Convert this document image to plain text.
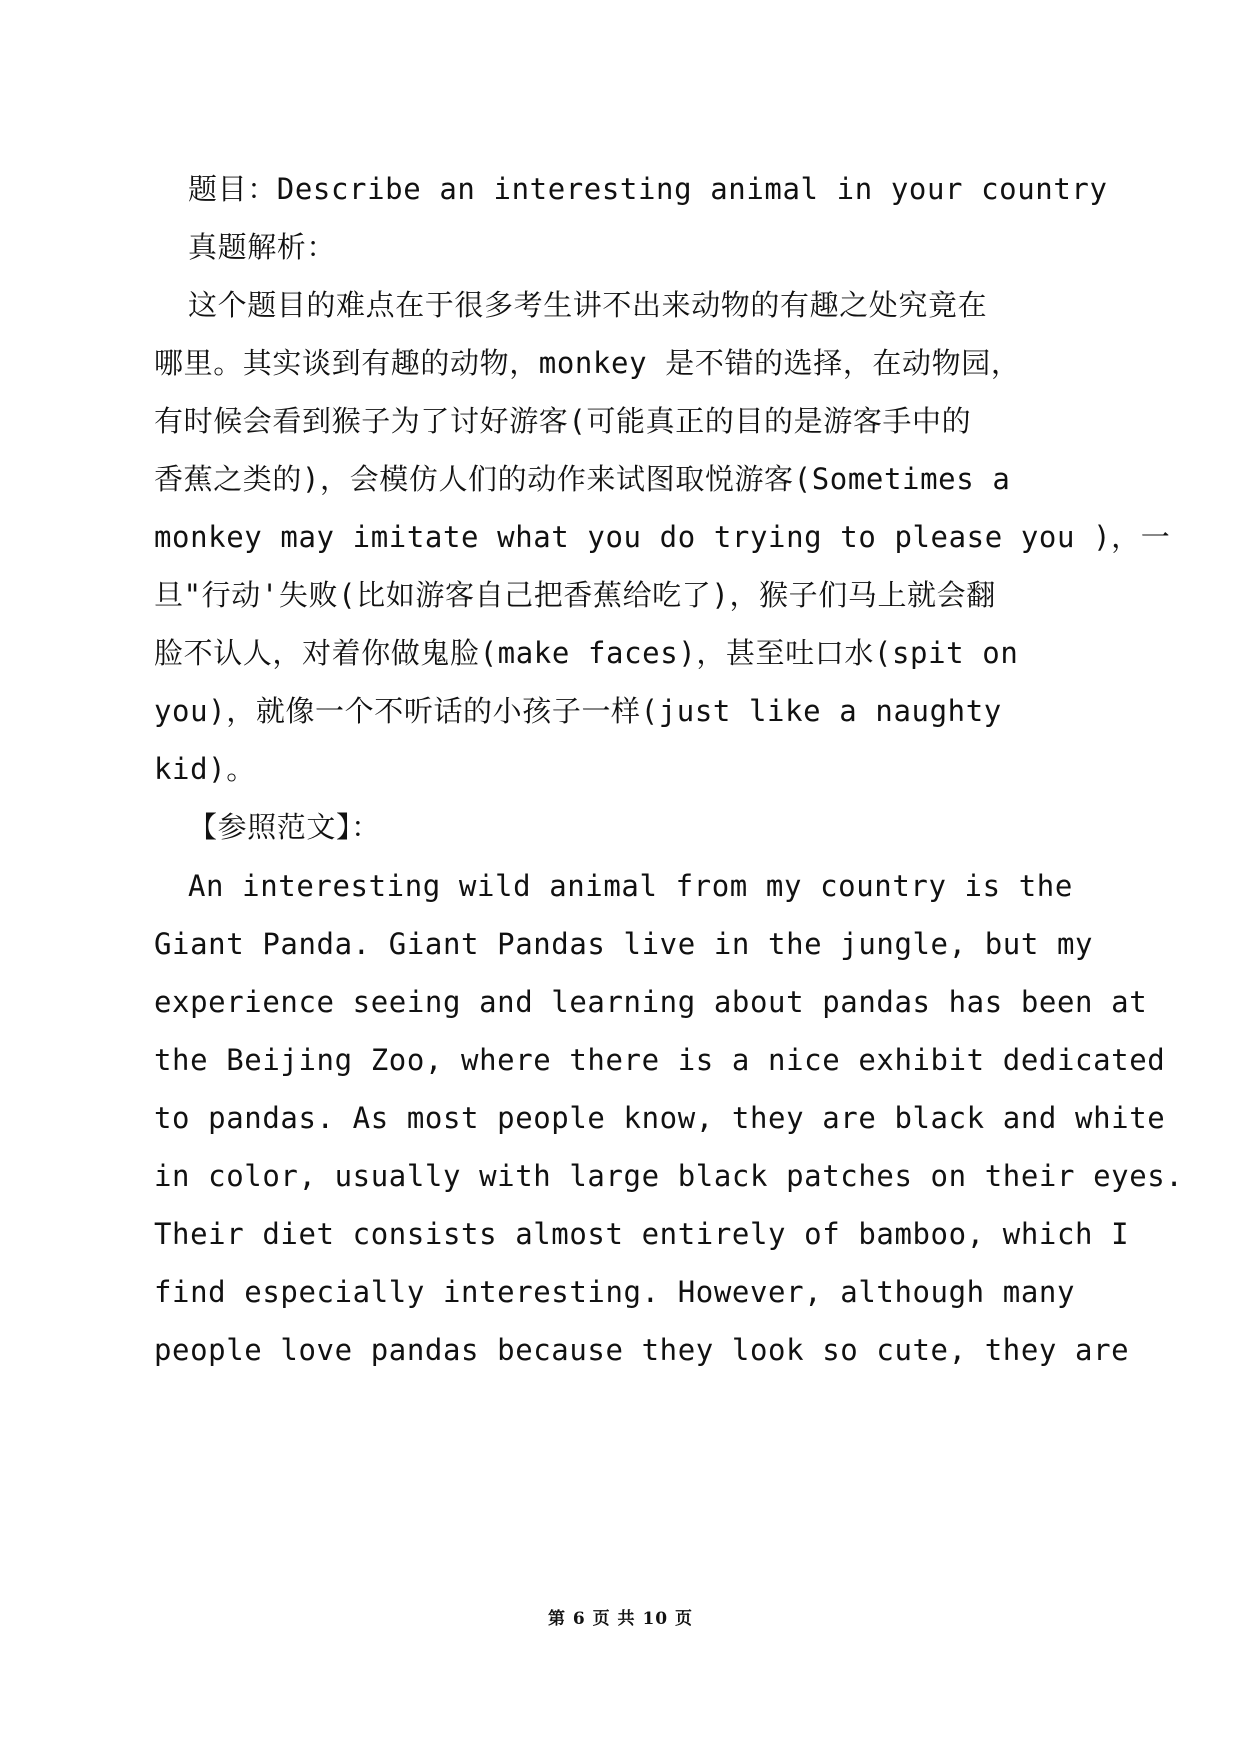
题目：Describe an interesting animal in your country
真题解析：
这个题目的难点在于很多考生讲不出来动物的有趣之处究竟在
哪里。其实谈到有趣的动物，monkey 是不错的选择，在动物园，
有时候会看到猴子为了讨好游客(可能真正的目的是游客手中的
香蕉之类的)，会模仿人们的动作来试图取悦游客(Sometimes a
monkey may imitate what you do trying to please you )，一
旦"行动'失败(比如游客自己把香蕉给吃了)，猴子们马上就会翻
脸不认人，对着你做鬼脸(make faces)，甚至吐口水(spit on
you)，就像一个不听话的小孩子一样(just like a naughty
kid)。
【参照范文】：
An interesting wild animal from my country is the
Giant Panda. Giant Pandas live in the jungle, but my
experience seeing and learning about pandas has been at
the Beijing Zoo, where there is a nice exhibit dedicated
to pandas. As most people know, they are black and white
in color, usually with large black patches on their eyes.
Their diet consists almost entirely of bamboo, which I
find especially interesting. However, although many
people love pandas because they look so cute, they are
第 6 页 共 10 页
